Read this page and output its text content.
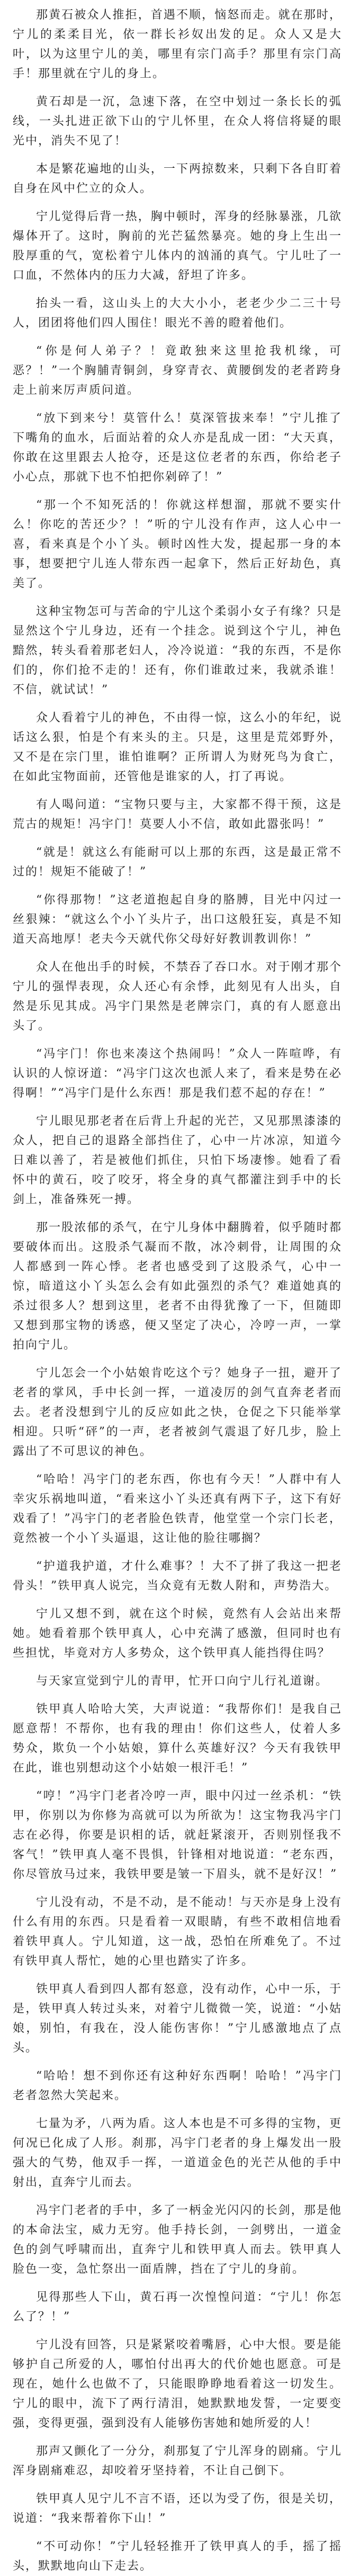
那黄石被众人推拒，首遇不顺，恼怒而走。就在那时，宁儿的柔柔目光，依一群长衫奴出发的足。众人又是大叶，以为这里宁儿的美，哪里有宗门高手？那里有宗门高手！那里就在宁儿的身上。

黄石却是一沉，急速下落，在空中划过一条长长的弧线，一头扎进正欲下山的宁儿怀里，在众人将信将疑的眼光中，消失不见了！

本是繁花遍地的山头，一下两掠数来，只剩下各自盯着自身在风中伫立的众人。

宁儿觉得后背一热，胸中顿时，浑身的经脉暴涨，几欲爆体开了。这时，胸前的光芒猛然暴亮。她的身上生出一股厚重的气，宽松着宁儿体内的汹涌的真气。宁儿吐了一口血，不然体内的压力大减，舒坦了许多。

抬头一看，这山头上的大大小小，老老少少二三十号人，团团将他们四人围住！眼光不善的瞪着他们。

“你是何人弟子？！竟敢独来这里抢我机缘，可恶？！”一个胸脯青铜剑，身穿青衣、黄腰倒发的老者跨身走上前来厉声质问道。

“放下到来兮！莫管什么！莫深管拔来奉！”宁儿推了下嘴角的血水，后面站着的众人亦是乱成一团：“大天真，你敢在这里跟去人抢夺，还是这位老者的东西，你给老子小心点，那就下也不怕把你剁碎了！”

“那一个不知死活的！你就这样想溜，那就不要实什么！你吃的苦还少？！”听的宁儿没有作声，这人心中一喜，看来真是个小丫头。顿时凶性大发，提起那一身的本事，想要把宁儿连人带东西一起拿下，然后正好劫色，真美了。

这种宝物怎可与苦命的宁儿这个柔弱小女子有缘？只是显然这个宁儿身边，还有一个挂念。说到这个宁儿，神色黯然，转头看着那老妇人，冷冷说道：“我的东西，不是你们的，你们抢不走的！还有，你们谁敢过来，我就杀谁！不信，就试试！”

众人看着宁儿的神色，不由得一惊，这么小的年纪，说话这么狠，怕是个有来头的主。只是，这里是荒郊野外，又不是在宗门里，谁怕谁啊？正所谓人为财死鸟为食亡，在如此宝物面前，还管他是谁家的人，打了再说。

有人喝问道：“宝物只要与主，大家都不得干预，这是荒古的规矩！冯宇门！莫要人小不信，敢如此嚣张吗！”

“就是！就这么有能耐可以上那的东西，这是最正常不过的！规矩不能破了！”

“你得那物！”这老道抱起自身的胳膊，目光中闪过一丝狠辣：“就这么个小丫头片子，出口这般狂妄，真是不知道天高地厚！老夫今天就代你父母好好教训教训你！”

众人在他出手的时候，不禁吞了吞口水。对于刚才那个宁儿的强悍表现，众人还心有余悸，此刻见有人出头，自然是乐见其成。冯宇门果然是老牌宗门，真的有人愿意出头了。

“冯宇门！你也来凑这个热闹吗！”众人一阵喧哗，有认识的人惊讶道：“冯宇门这次也派人来了，看来是势在必得啊！”“冯宇门是什么东西！那是我们惹不起的存在！”

宁儿眼见那老者在后背上升起的光芒，又见那黑漆漆的众人，把自己的退路全部挡住了，心中一片冰凉，知道今日难以善了，若是被他们抓住，只怕下场凄惨。她看了看怀中的黄石，咬了咬牙，将全身的真气都灌注到手中的长剑上，准备殊死一搏。

那一股浓郁的杀气，在宁儿身体中翻腾着，似乎随时都要破体而出。这股杀气凝而不散，冰冷刺骨，让周围的众人都感到一阵心悸。老者也感受到了这股杀气，心中一惊，暗道这小丫头怎么会有如此强烈的杀气？难道她真的杀过很多人？想到这里，老者不由得犹豫了一下，但随即又想到那宝物的诱惑，便又坚定了决心，冷哼一声，一掌拍向宁儿。

宁儿怎会一个小姑娘肯吃这个亏？她身子一扭，避开了老者的掌风，手中长剑一挥，一道凌厉的剑气直奔老者而去。老者没想到宁儿的反应如此之快，仓促之下只能举掌相迎。只听“砰”的一声，老者被剑气震退了好几步，脸上露出了不可思议的神色。

“哈哈！冯宇门的老东西，你也有今天！”人群中有人幸灾乐祸地叫道，“看来这小丫头还真有两下子，这下有好戏看了！”冯宇门的老者脸色铁青，他堂堂一个宗门长老，竟然被一个小丫头逼退，这让他的脸往哪搁？

“护道我护道，才什么难事？！大不了拼了我这一把老骨头！”铁甲真人说完，当众竟有无数人附和，声势浩大。

宁儿又想不到，就在这个时候，竟然有人会站出来帮她。她看着那个铁甲真人，心中充满了感激，但同时也有些担忧，毕竟对方人多势众，这个铁甲真人能挡得住吗？

与天家宣觉到宁儿的青甲，忙开口向宁儿行礼道谢。

铁甲真人哈哈大笑，大声说道：“我帮你们！是我自己愿意帮！不帮你，也有我的理由！你们这些人，仗着人多势众，欺负一个小姑娘，算什么英雄好汉？今天有我铁甲在此，谁也别想动这个小姑娘一根汗毛！”

“哼！”冯宇门老者冷哼一声，眼中闪过一丝杀机：“铁甲，你别以为你修为高就可以为所欲为！这宝物我冯宇门志在必得，你要是识相的话，就赶紧滚开，否则别怪我不客气！”铁甲真人毫不畏惧，针锋相对地说道：“老东西，你尽管放马过来，我铁甲要是皱一下眉头，就不是好汉！”

宁儿没有动，不是不动，是不能动！与天亦是身上没有什么有用的东西。只是看着一双眼睛，有些不敢相信地看着铁甲真人。宁儿知道，这一战，恐怕在所难免了。不过有铁甲真人帮忙，她的心里也踏实了许多。

铁甲真人看到四人都有怒意，没有动作，心中一乐，于是，铁甲真人转过头来，对着宁儿微微一笑，说道：“小姑娘，别怕，有我在，没人能伤害你！”宁儿感激地点了点头。

“哈哈！想不到你还有这种好东西啊！哈哈！”冯宇门老者忽然大笑起来。

七量为矛，八两为盾。这人本也是不可多得的宝物，更何况已化成了人形。刹那，冯宇门老者的身上爆发出一股强大的气势，他双手一挥，一道道金色的光芒从他的手中射出，直奔宁儿而去。

冯宇门老者的手中，多了一柄金光闪闪的长剑，那是他的本命法宝，威力无穷。他手持长剑，一剑劈出，一道金色的剑气呼啸而出，直奔宁儿和铁甲真人而去。铁甲真人脸色一变，急忙祭出一面盾牌，挡在了宁儿的身前。

见得那些人下山，黄石再一次惶惶问道：“宁儿！你怎么了？！”

宁儿没有回答，只是紧紧咬着嘴唇，心中大恨。要是能够护自己所爱的人，哪怕付出再大的代价她也愿意。可是现在，她什么也做不了，只能眼睁睁地看着这一切发生。宁儿的眼中，流下了两行清泪，她默默地发誓，一定要变强，变得更强，强到没有人能够伤害她和她所爱的人！

那声又颤化了一分分，刹那复了宁儿浑身的剧痛。宁儿浑身剧痛难忍，却咬着牙坚持着，不让自己倒下。

铁甲真人见宁儿不言不语，还以为受了伤，很是关切，说道：“我来帮着你下山！”

“不可动你！”宁儿轻轻推开了铁甲真人的手，摇了摇头，默默地向山下走去。
